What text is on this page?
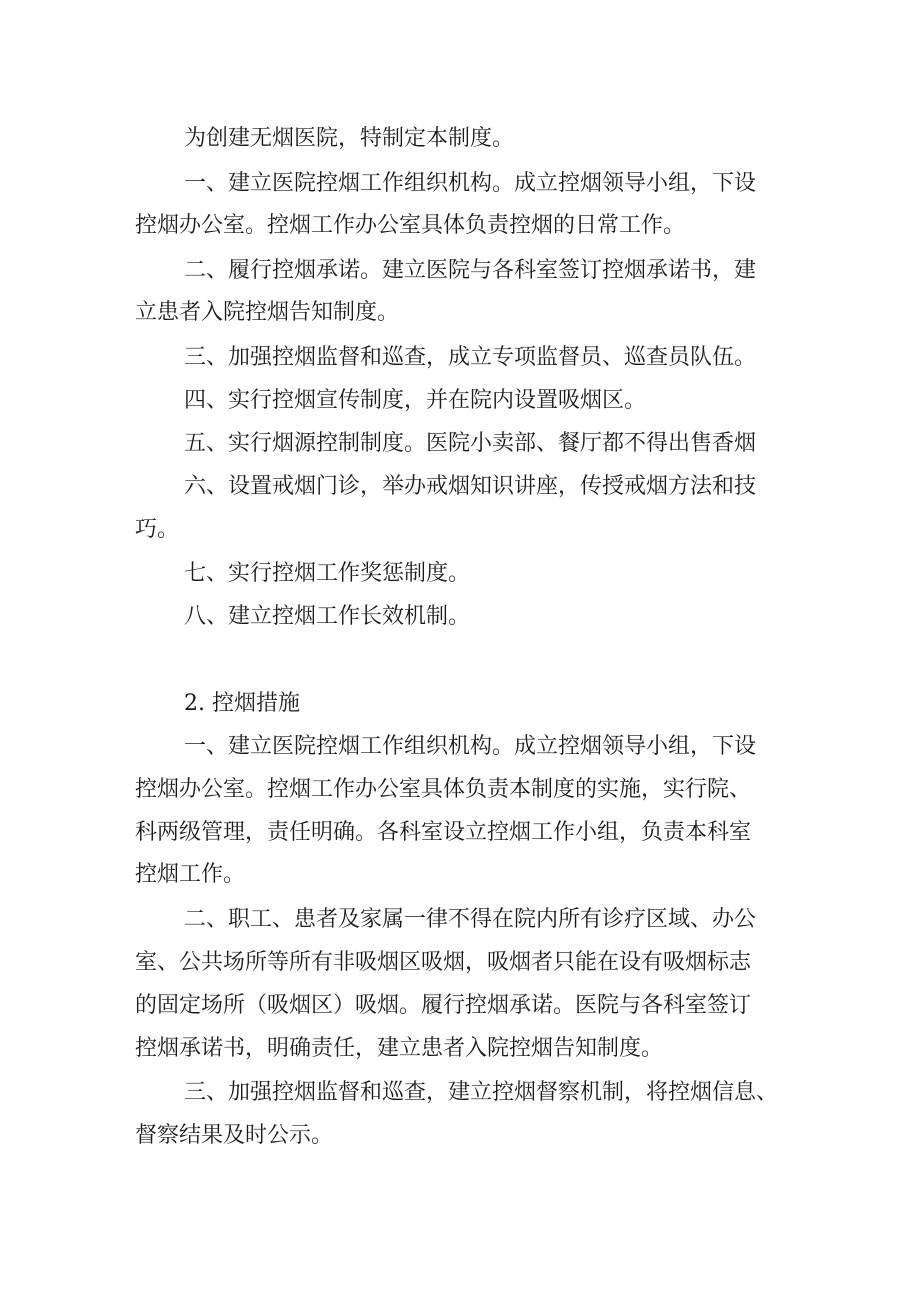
为创建无烟医院，特制定本制度。
一、建立医院控烟工作组织机构。成立控烟领导小组，下设
控烟办公室。控烟工作办公室具体负责控烟的日常工作。
二、履行控烟承诺。建立医院与各科室签订控烟承诺书，建
立患者入院控烟告知制度。
三、加强控烟监督和巡查，成立专项监督员、巡查员队伍。
四、实行控烟宣传制度，并在院内设置吸烟区。
五、实行烟源控制制度。医院小卖部、餐厅都不得出售香烟
六、设置戒烟门诊，举办戒烟知识讲座，传授戒烟方法和技
巧。
七、实行控烟工作奖惩制度。
八、建立控烟工作长效机制。
2. 控烟措施
一、建立医院控烟工作组织机构。成立控烟领导小组，下设
控烟办公室。控烟工作办公室具体负责本制度的实施，实行院、
科两级管理，责任明确。各科室设立控烟工作小组，负责本科室
控烟工作。
二、职工、患者及家属一律不得在院内所有诊疗区域、办公
室、公共场所等所有非吸烟区吸烟，吸烟者只能在设有吸烟标志
的固定场所（吸烟区）吸烟。履行控烟承诺。医院与各科室签订
控烟承诺书，明确责任，建立患者入院控烟告知制度。
三、加强控烟监督和巡查，建立控烟督察机制，将控烟信息、
督察结果及时公示。
